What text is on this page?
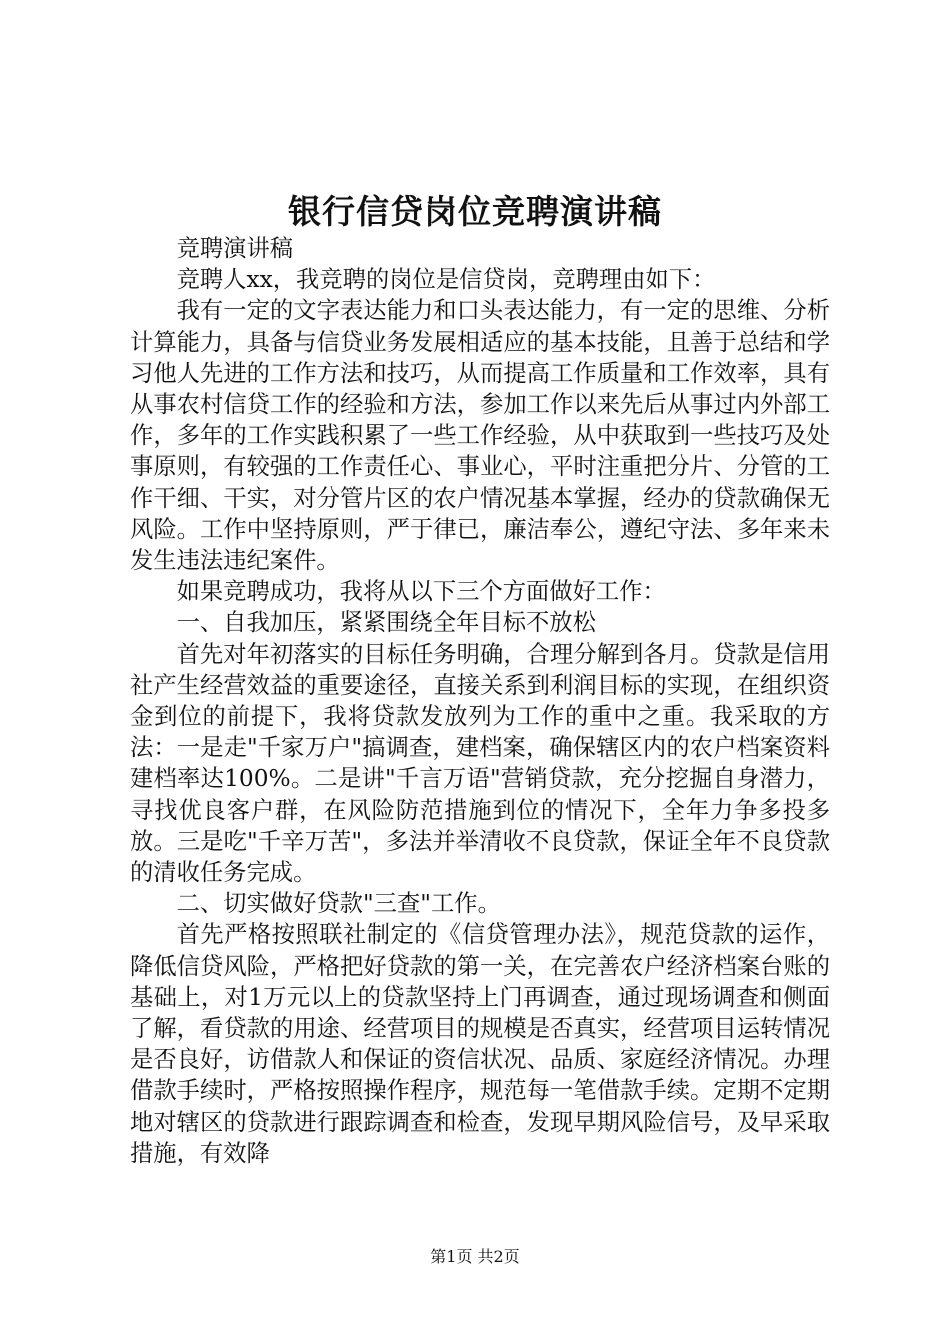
银行信贷岗位竞聘演讲稿

竞聘演讲稿

竞聘人xx，我竞聘的岗位是信贷岗，竞聘理由如下：

我有一定的文字表达能力和口头表达能力，有一定的思维、分析计算能力，具备与信贷业务发展相适应的基本技能，且善于总结和学习他人先进的工作方法和技巧，从而提高工作质量和工作效率，具有从事农村信贷工作的经验和方法，参加工作以来先后从事过内外部工作，多年的工作实践积累了一些工作经验，从中获取到一些技巧及处事原则，有较强的工作责任心、事业心，平时注重把分片、分管的工作干细、干实，对分管片区的农户情况基本掌握，经办的贷款确保无风险。工作中坚持原则，严于律已，廉洁奉公，遵纪守法、多年来未发生违法违纪案件。

如果竞聘成功，我将从以下三个方面做好工作：

一、自我加压，紧紧围绕全年目标不放松

首先对年初落实的目标任务明确，合理分解到各月。贷款是信用社产生经营效益的重要途径，直接关系到利润目标的实现，在组织资金到位的前提下，我将贷款发放列为工作的重中之重。我采取的方法：一是走"千家万户"搞调查，建档案，确保辖区内的农户档案资料建档率达100%。二是讲"千言万语"营销贷款，充分挖掘自身潜力，寻找优良客户群，在风险防范措施到位的情况下，全年力争多投多放。三是吃"千辛万苦"，多法并举清收不良贷款，保证全年不良贷款的清收任务完成。

二、切实做好贷款"三查"工作。

首先严格按照联社制定的《信贷管理办法》，规范贷款的运作，降低信贷风险，严格把好贷款的第一关，在完善农户经济档案台账的基础上，对1万元以上的贷款坚持上门再调查，通过现场调查和侧面了解，看贷款的用途、经营项目的规模是否真实，经营项目运转情况是否良好，访借款人和保证的资信状况、品质、家庭经济情况。办理借款手续时，严格按照操作程序，规范每一笔借款手续。定期不定期地对辖区的贷款进行跟踪调查和检查，发现早期风险信号，及早采取措施，有效降

第1页 共2页
